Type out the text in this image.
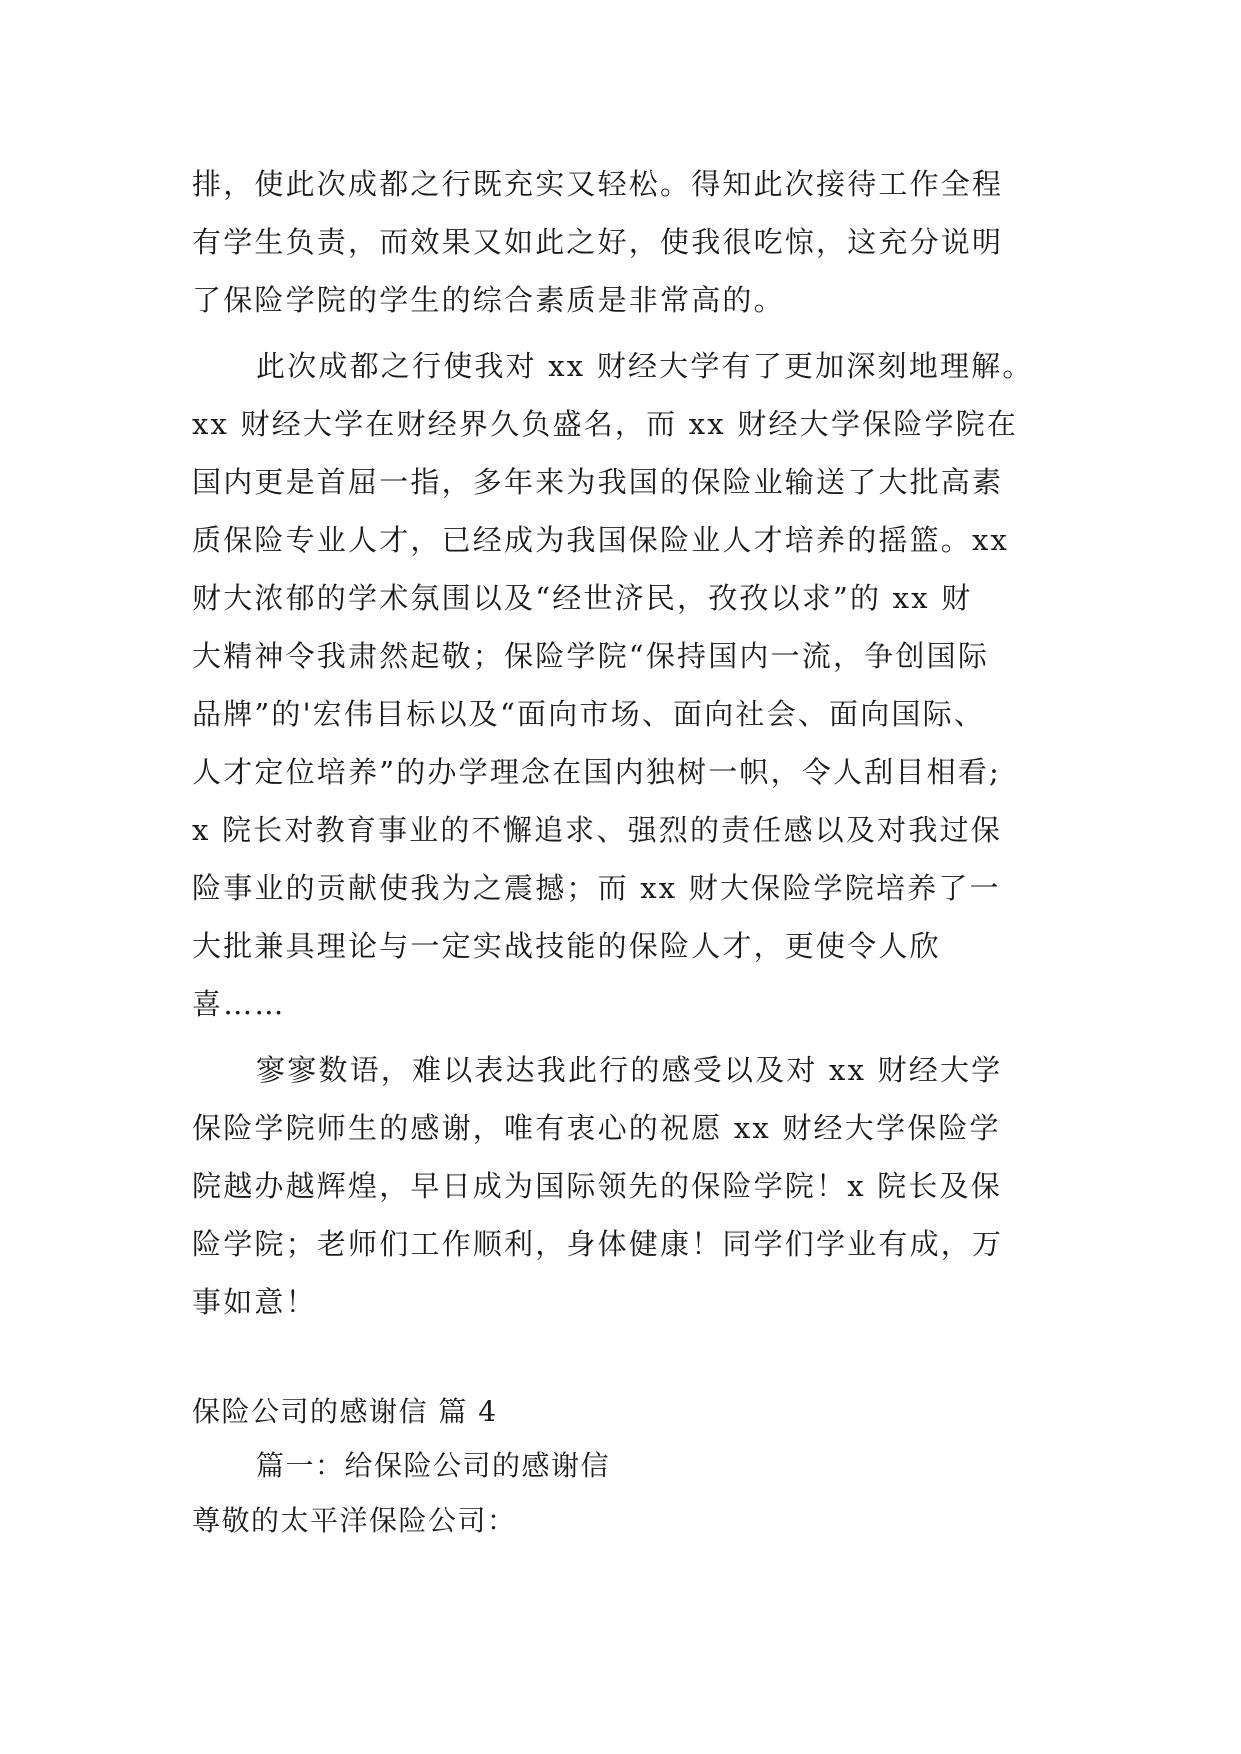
排，使此次成都之行既充实又轻松。得知此次接待工作全程
有学生负责，而效果又如此之好，使我很吃惊，这充分说明
了保险学院的学生的综合素质是非常高的。
此次成都之行使我对 xx 财经大学有了更加深刻地理解。
xx 财经大学在财经界久负盛名，而 xx 财经大学保险学院在
国内更是首屈一指，多年来为我国的保险业输送了大批高素
质保险专业人才，已经成为我国保险业人才培养的摇篮。xx
财大浓郁的学术氛围以及“经世济民，孜孜以求”的 xx 财
大精神令我肃然起敬；保险学院“保持国内一流，争创国际
品牌”的'宏伟目标以及“面向市场、面向社会、面向国际、
人才定位培养”的办学理念在国内独树一帜，令人刮目相看;
x 院长对教育事业的不懈追求、强烈的责任感以及对我过保
险事业的贡献使我为之震撼；而 xx 财大保险学院培养了一
大批兼具理论与一定实战技能的保险人才，更使令人欣
喜……
寥寥数语，难以表达我此行的感受以及对 xx 财经大学
保险学院师生的感谢，唯有衷心的祝愿 xx 财经大学保险学
院越办越辉煌，早日成为国际领先的保险学院！x 院长及保
险学院；老师们工作顺利，身体健康！同学们学业有成，万
事如意！
保险公司的感谢信 篇 4
篇一：给保险公司的感谢信
尊敬的太平洋保险公司：
